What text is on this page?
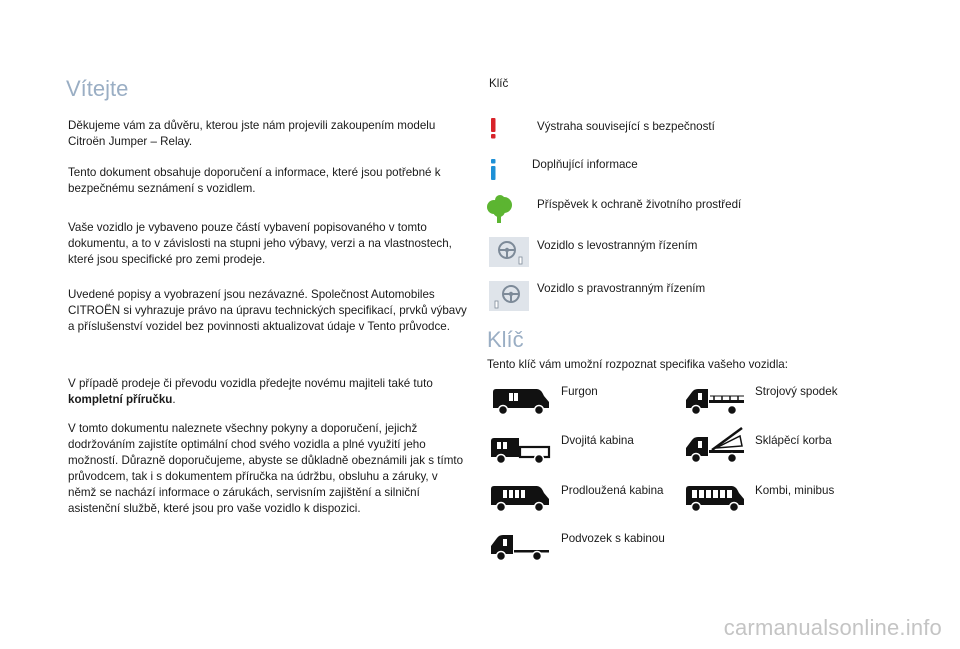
Vítejte
Děkujeme vám za důvěru, kterou jste nám projevili zakoupením modelu Citroën Jumper – Relay.
Tento dokument obsahuje doporučení a informace, které jsou potřebné k bezpečnému seznámení s vozidlem.
Vaše vozidlo je vybaveno pouze částí vybavení popisovaného v tomto dokumentu, a to v závislosti na stupni jeho výbavy, verzi a na vlastnostech, které jsou specifické pro zemi prodeje.
Uvedené popisy a vyobrazení jsou nezávazné. Společnost Automobiles CITROËN si vyhrazuje právo na úpravu technických specifikací, prvků výbavy a příslušenství vozidel bez povinnosti aktualizovat údaje v Tento průvodce.
V případě prodeje či převodu vozidla předejte novému majiteli také tuto kompletní příručku.
V tomto dokumentu naleznete všechny pokyny a doporučení, jejichž dodržováním zajistíte optimální chod svého vozidla a plné využití jeho možností. Důrazně doporučujeme, abyste se důkladně obeznámili jak s tímto průvodcem, tak i s dokumentem příručka na údržbu, obsluhu a záruky, v němž se nachází informace o zárukách, servisním zajištění a silniční asistenční službě, které jsou pro vaše vozidlo k dispozici.
Klíč
Výstraha související s bezpečností
Doplňující informace
Příspěvek k ochraně životního prostředí
Vozidlo s levostranným řízením
Vozidlo s pravostranným řízením
Klíč
Tento klíč vám umožní rozpoznat specifika vašeho vozidla:
Furgon	Strojový spodek
Dvojitá kabina	Sklápěcí korba
Prodloužená kabina	Kombi, minibus
Podvozek s kabinou
carmanualsonline.info
